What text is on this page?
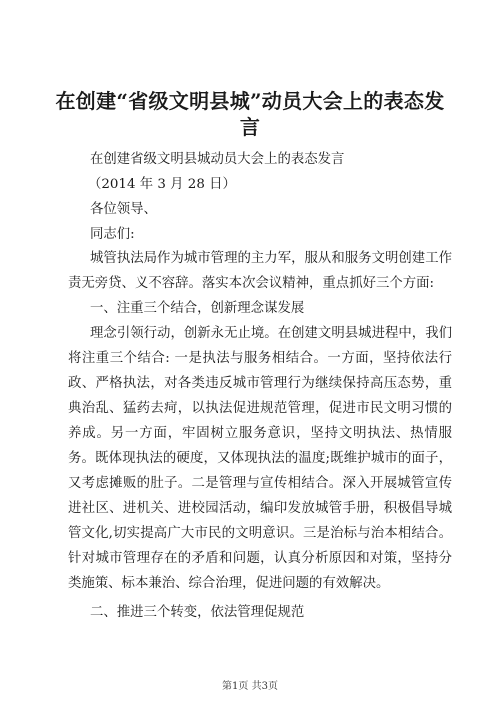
在创建“省级文明县城”动员大会上的表态发言
在创建省级文明县城动员大会上的表态发言
（2014 年 3 月 28 日）
各位领导、
同志们:
城管执法局作为城市管理的主力军，服从和服务文明创建工作责无旁贷、义不容辞。落实本次会议精神，重点抓好三个方面:
一、注重三个结合，创新理念谋发展
理念引领行动，创新永无止境。在创建文明县城进程中，我们将注重三个结合: 一是执法与服务相结合。一方面，坚持依法行政、严格执法，对各类违反城市管理行为继续保持高压态势，重典治乱、猛药去疴，以执法促进规范管理，促进市民文明习惯的养成。另一方面，牢固树立服务意识，坚持文明执法、热情服务。既体现执法的硬度，又体现执法的温度;既维护城市的面子，又考虑摊贩的肚子。二是管理与宣传相结合。深入开展城管宣传进社区、进机关、进校园活动，编印发放城管手册，积极倡导城管文化,切实提高广大市民的文明意识。三是治标与治本相结合。针对城市管理存在的矛盾和问题，认真分析原因和对策，坚持分类施策、标本兼治、综合治理，促进问题的有效解决。
二、推进三个转变，依法管理促规范
第1页 共3页
